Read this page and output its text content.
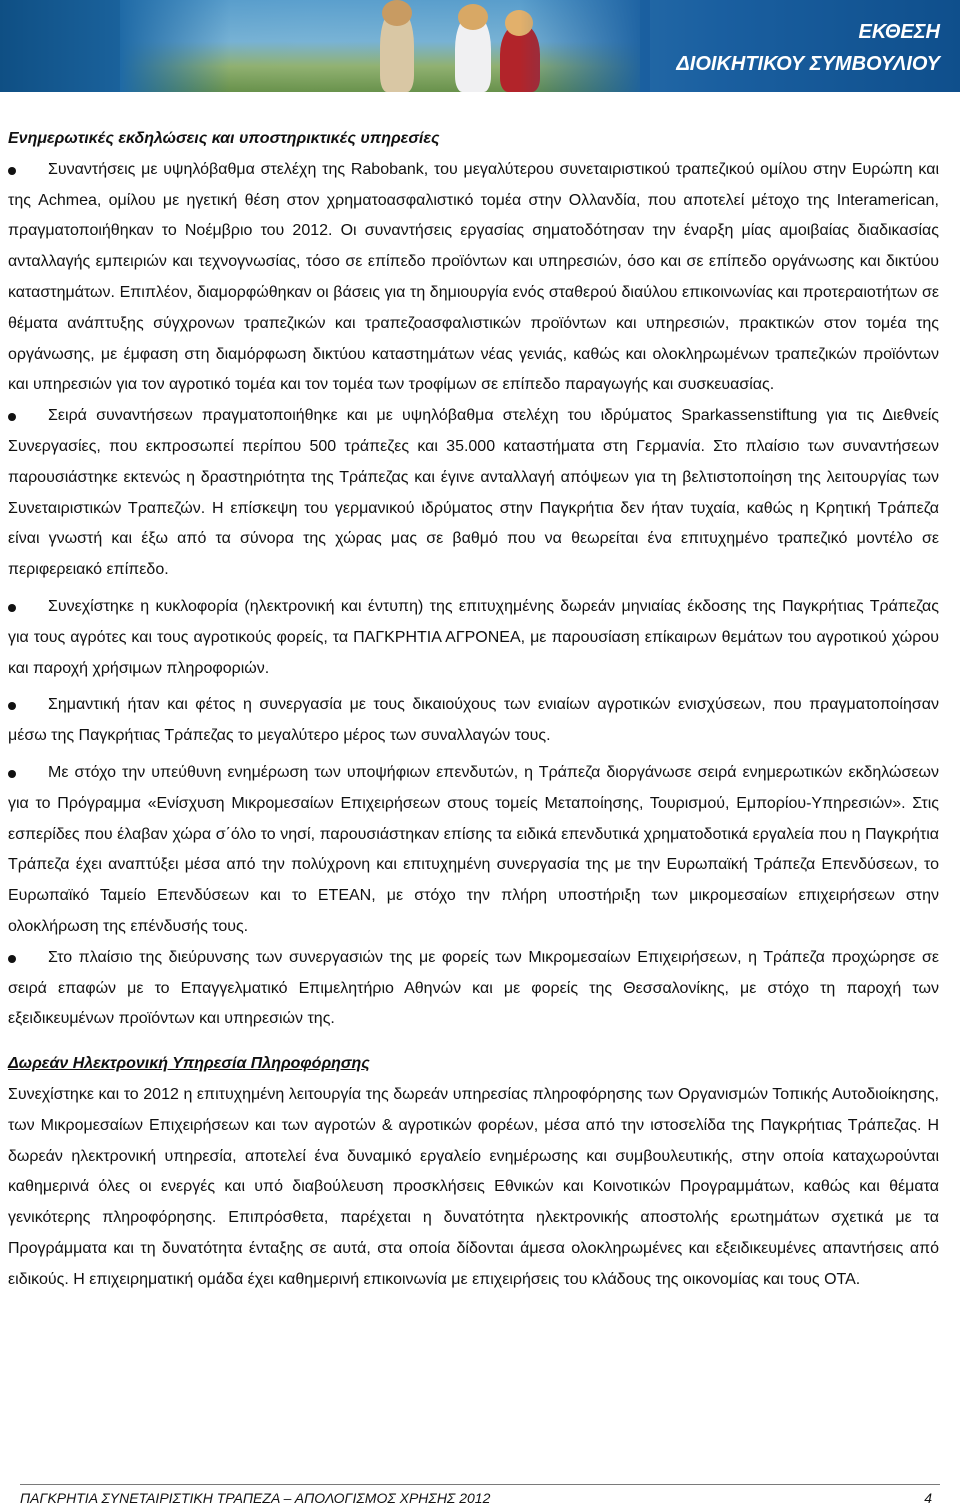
ΕΚΘΕΣΗ
ΔΙΟΙΚΗΤΙΚΟΥ ΣΥΜΒΟΥΛΙΟΥ

Ενημερωτικές εκδηλώσεις και υποστηρικτικές υπηρεσίες

Συναντήσεις με υψηλόβαθμα στελέχη της Rabobank, του μεγαλύτερου συνεταιριστικού τραπεζικού ομίλου στην Ευρώπη και της Achmea, ομίλου με ηγετική θέση στον χρηματοασφαλιστικό τομέα στην Ολλανδία, που αποτελεί μέτοχο της Interamerican, πραγματοποιήθηκαν το Νοέμβριο του 2012. Οι συναντήσεις εργασίας σηματοδότησαν την έναρξη μίας αμοιβαίας διαδικασίας ανταλλαγής εμπειριών και τεχνογνωσίας, τόσο σε επίπεδο προϊόντων και υπηρεσιών, όσο και σε επίπεδο οργάνωσης και δικτύου καταστημάτων. Επιπλέον, διαμορφώθηκαν οι βάσεις για τη δημιουργία ενός σταθερού διαύλου επικοινωνίας και προτεραιοτήτων σε θέματα ανάπτυξης σύγχρονων τραπεζικών και τραπεζοασφαλιστικών προϊόντων και υπηρεσιών, πρακτικών στον τομέα της οργάνωσης, με έμφαση στη διαμόρφωση δικτύου καταστημάτων νέας γενιάς, καθώς και ολοκληρωμένων τραπεζικών προϊόντων και υπηρεσιών για τον αγροτικό τομέα και τον τομέα των τροφίμων σε επίπεδο παραγωγής και συσκευασίας.

Σειρά συναντήσεων πραγματοποιήθηκε και με υψηλόβαθμα στελέχη του ιδρύματος Sparkassenstiftung για τις Διεθνείς Συνεργασίες, που εκπροσωπεί περίπου 500 τράπεζες και 35.000 καταστήματα στη Γερμανία. Στο πλαίσιο των συναντήσεων παρουσιάστηκε εκτενώς η δραστηριότητα της Τράπεζας και έγινε ανταλλαγή απόψεων για τη βελτιστοποίηση της λειτουργίας των Συνεταιριστικών Τραπεζών. Η επίσκεψη του γερμανικού ιδρύματος στην Παγκρήτια δεν ήταν τυχαία, καθώς η Κρητική Τράπεζα είναι γνωστή και έξω από τα σύνορα της χώρας μας σε βαθμό που να θεωρείται ένα επιτυχημένο τραπεζικό μοντέλο σε περιφερειακό επίπεδο.

Συνεχίστηκε η κυκλοφορία (ηλεκτρονική και έντυπη) της επιτυχημένης δωρεάν μηνιαίας έκδοσης της Παγκρήτιας Τράπεζας για τους αγρότες και τους αγροτικούς φορείς, τα ΠΑΓΚΡΗΤΙΑ ΑΓΡΟΝΕΑ, με παρουσίαση επίκαιρων θεμάτων του αγροτικού χώρου και παροχή χρήσιμων πληροφοριών.

Σημαντική ήταν και φέτος η συνεργασία με τους δικαιούχους των ενιαίων αγροτικών ενισχύσεων, που πραγματοποίησαν μέσω της Παγκρήτιας Τράπεζας το μεγαλύτερο μέρος των συναλλαγών τους.

Με στόχο την υπεύθυνη ενημέρωση των υποψήφιων επενδυτών, η Τράπεζα διοργάνωσε σειρά ενημερωτικών εκδηλώσεων για το Πρόγραμμα «Ενίσχυση Μικρομεσαίων Επιχειρήσεων στους τομείς Μεταποίησης, Τουρισμού, Εμπορίου-Υπηρεσιών». Στις εσπερίδες που έλαβαν χώρα σ΄όλο το νησί, παρουσιάστηκαν επίσης τα ειδικά επενδυτικά χρηματοδοτικά εργαλεία που η Παγκρήτια Τράπεζα έχει αναπτύξει μέσα από την πολύχρονη και επιτυχημένη συνεργασία της με την Ευρωπαϊκή Τράπεζα Επενδύσεων, το Ευρωπαϊκό Ταμείο Επενδύσεων και το ΕΤΕΑΝ, με στόχο την πλήρη υποστήριξη των μικρομεσαίων επιχειρήσεων στην ολοκλήρωση της επένδυσής τους.

Στο πλαίσιο της διεύρυνσης των συνεργασιών της με φορείς των Μικρομεσαίων Επιχειρήσεων, η Τράπεζα προχώρησε σε σειρά επαφών με το Επαγγελματικό Επιμελητήριο Αθηνών και με φορείς της Θεσσαλονίκης, με στόχο τη παροχή των εξειδικευμένων προϊόντων και υπηρεσιών της.

Δωρεάν Ηλεκτρονική Υπηρεσία Πληροφόρησης

Συνεχίστηκε και το 2012 η επιτυχημένη λειτουργία της δωρεάν υπηρεσίας πληροφόρησης των Οργανισμών Τοπικής Αυτοδιοίκησης, των Μικρομεσαίων Επιχειρήσεων και των αγροτών & αγροτικών φορέων, μέσα από την ιστοσελίδα της Παγκρήτιας Τράπεζας. Η δωρεάν ηλεκτρονική υπηρεσία, αποτελεί ένα δυναμικό εργαλείο ενημέρωσης και συμβουλευτικής, στην οποία καταχωρούνται καθημερινά όλες οι ενεργές και υπό διαβούλευση προσκλήσεις Εθνικών και Κοινοτικών Προγραμμάτων, καθώς και θέματα γενικότερης πληροφόρησης. Επιπρόσθετα, παρέχεται η δυνατότητα ηλεκτρονικής αποστολής ερωτημάτων σχετικά με τα Προγράμματα και τη δυνατότητα ένταξης σε αυτά, στα οποία δίδονται άμεσα ολοκληρωμένες και εξειδικευμένες απαντήσεις από ειδικούς. Η επιχειρηματική ομάδα έχει καθημερινή επικοινωνία με επιχειρήσεις του κλάδους της οικονομίας και τους ΟΤΑ.

ΠΑΓΚΡΗΤΙΑ ΣΥΝΕΤΑΙΡΙΣΤΙΚΗ ΤΡΑΠΕΖΑ – ΑΠΟΛΟΓΙΣΜΟΣ ΧΡΗΣΗΣ 2012	4
